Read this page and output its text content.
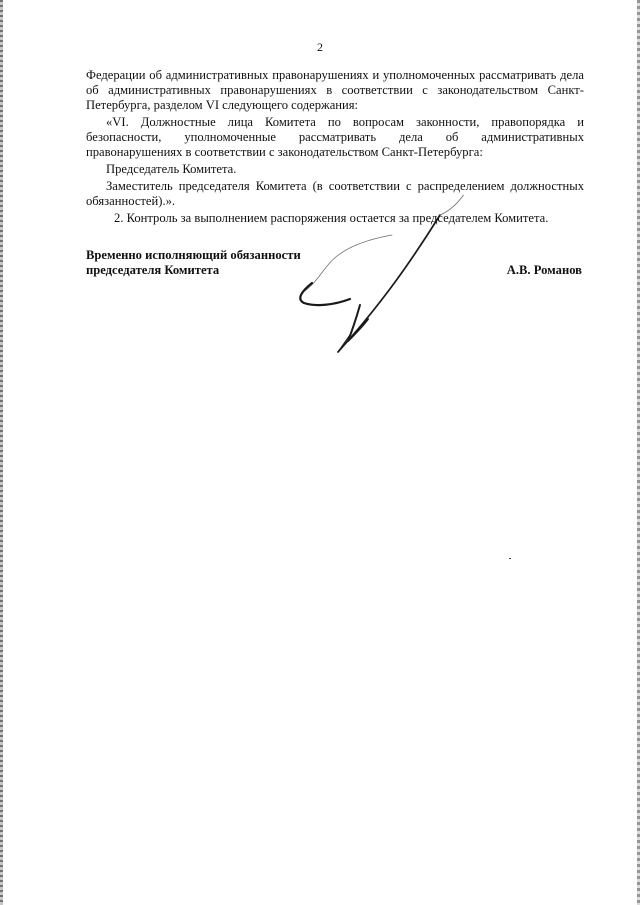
2

Федерации об административных правонарушениях и уполномоченных рассматривать дела об административных правонарушениях в соответствии с законодательством Санкт-Петербурга, разделом VI следующего содержания:

«VI. Должностные лица Комитета по вопросам законности, правопорядка и безопасности, уполномоченные рассматривать дела об административных правонарушениях в соответствии с законодательством Санкт-Петербурга:

Председатель Комитета.

Заместитель председателя Комитета (в соответствии с распределением должностных обязанностей).».

2. Контроль за выполнением распоряжения остается за председателем Комитета.

Временно исполняющий обязанности
председателя Комитета	А.В. Романов
